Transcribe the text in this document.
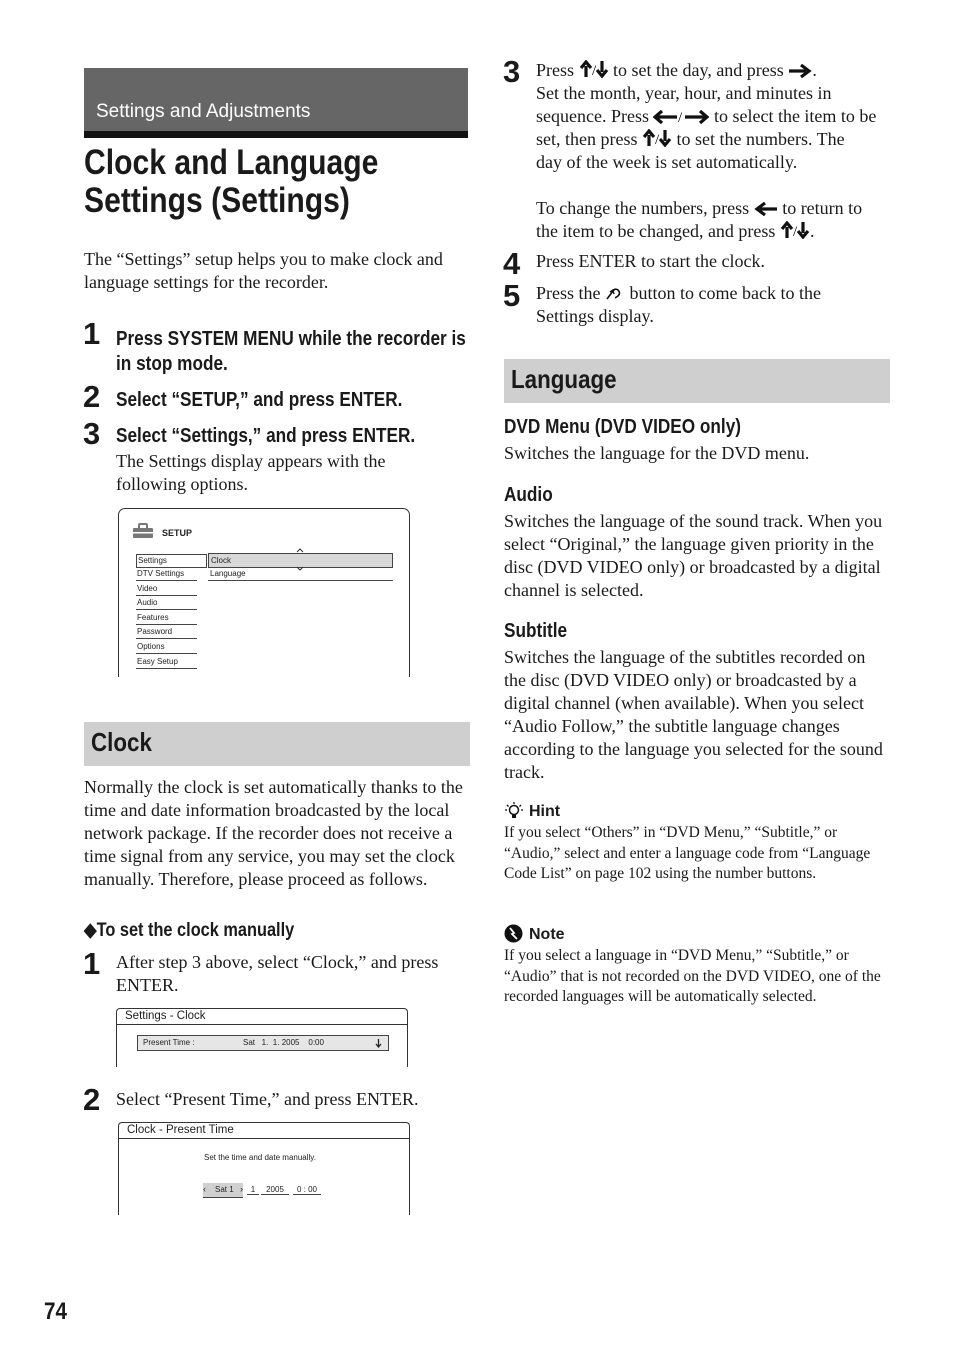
Settings and Adjustments
Clock and Language
Settings (Settings)
The “Settings” setup helps you to make clock and language settings for the recorder.
1 Press SYSTEM MENU while the recorder is
in stop mode.
2 Select “SETUP,” and press ENTER.
3 Select “Settings,” and press ENTER.
The Settings display appears with the following options.
SETUP
Settings
DTV Settings
Video
Audio
Features
Password
Options
Easy Setup
Clock
Language
Clock
Normally the clock is set automatically thanks to the time and date information broadcasted by the local network package. If the recorder does not receive a time signal from any service, you may set the clock manually. Therefore, please proceed as follows.
◆To set the clock manually
1 After step 3 above, select “Clock,” and press ENTER.
Settings - Clock
Present Time :	Sat   1.  1. 2005    0:00
2 Select “Present Time,” and press ENTER.
Clock - Present Time
Set the time and date manually.
‹ Sat 1 › 1	2005	0 : 00
3 Press / to set the day, and press .
Set the month, year, hour, and minutes in
sequence. Press / to select the item to be
set, then press / to set the numbers. The
day of the week is set automatically.
To change the numbers, press to return to
the item to be changed, and press / .
4 Press ENTER to start the clock.
5 Press the button to come back to the
Settings display.
Language
DVD Menu (DVD VIDEO only)
Switches the language for the DVD menu.
Audio
Switches the language of the sound track. When you select “Original,” the language given priority in the disc (DVD VIDEO only) or broadcasted by a digital channel is selected.
Subtitle
Switches the language of the subtitles recorded on the disc (DVD VIDEO only) or broadcasted by a digital channel (when available). When you select “Audio Follow,” the subtitle language changes according to the language you selected for the sound track.
Hint
If you select “Others” in “DVD Menu,” “Subtitle,” or “Audio,” select and enter a language code from “Language Code List” on page 102 using the number buttons.
Note
If you select a language in “DVD Menu,” “Subtitle,” or “Audio” that is not recorded on the DVD VIDEO, one of the recorded languages will be automatically selected.
74
